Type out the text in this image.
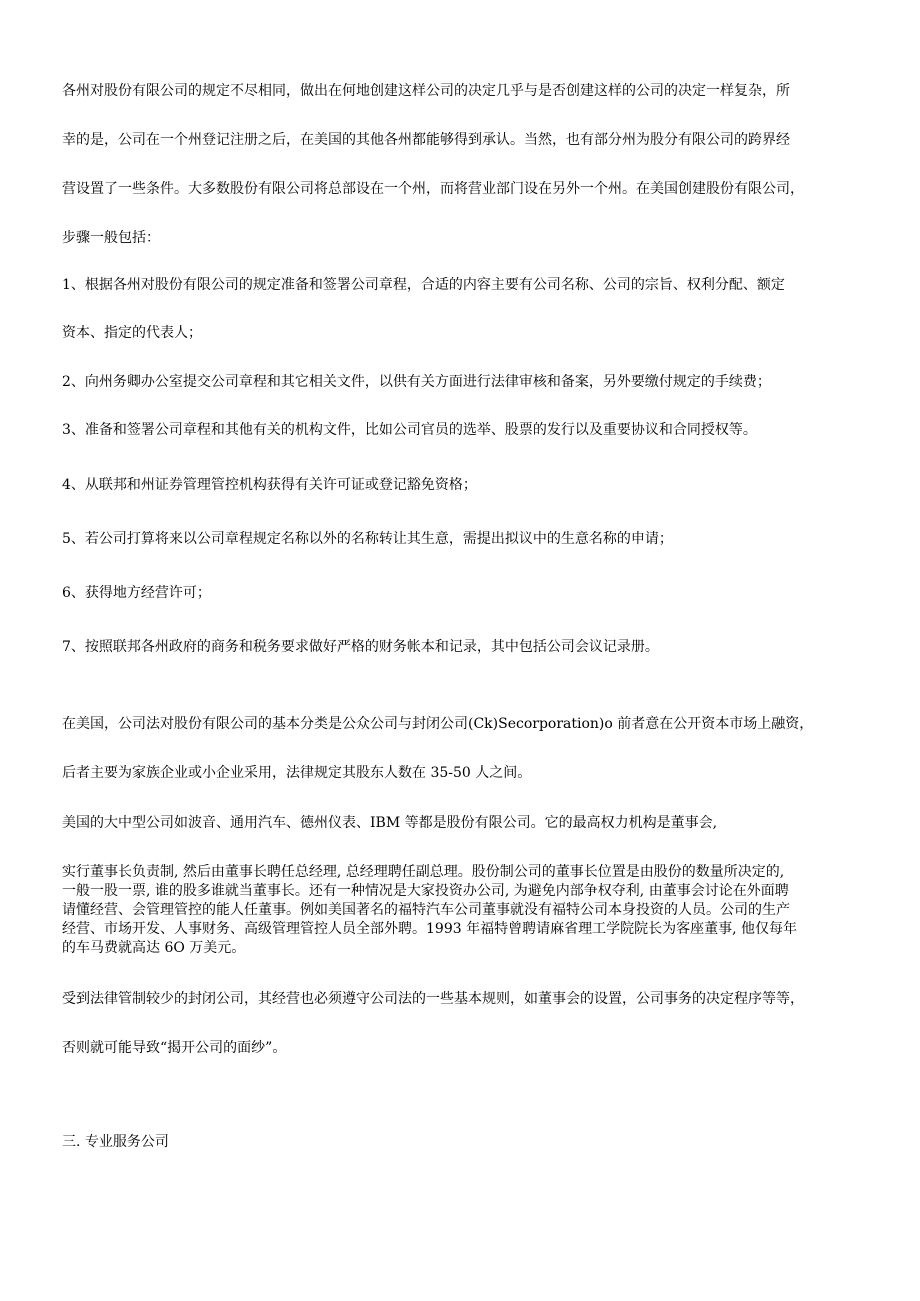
各州对股份有限公司的规定不尽相同，做出在何地创建这样公司的决定几乎与是否创建这样的公司的决定一样复杂，所
幸的是，公司在一个州登记注册之后，在美国的其他各州都能够得到承认。当然，也有部分州为股分有限公司的跨界经
营设置了一些条件。大多数股份有限公司将总部设在一个州，而将营业部门设在另外一个州。在美国创建股份有限公司，
步骤一般包括：
1、根据各州对股份有限公司的规定准备和签署公司章程，合适的内容主要有公司名称、公司的宗旨、权利分配、额定
资本、指定的代表人；
2、向州务卿办公室提交公司章程和其它相关文件，以供有关方面进行法律审核和备案，另外要缴付规定的手续费；
3、准备和签署公司章程和其他有关的机构文件，比如公司官员的选举、股票的发行以及重要协议和合同授权等。
4、从联邦和州证券管理管控机构获得有关许可证或登记豁免资格；
5、若公司打算将来以公司章程规定名称以外的名称转让其生意，需提出拟议中的生意名称的申请；
6、获得地方经营许可；
7、按照联邦各州政府的商务和税务要求做好严格的财务帐本和记录，其中包括公司会议记录册。
在美国，公司法对股份有限公司的基本分类是公众公司与封闭公司(Ck)Secorporation)o 前者意在公开资本市场上融资，
后者主要为家族企业或小企业采用，法律规定其股东人数在 35-50 人之间。
美国的大中型公司如波音、通用汽车、德州仪表、IBM 等都是股份有限公司。它的最高权力机构是董事会,

实行董事长负责制, 然后由董事长聘任总经理, 总经理聘任副总理。股份制公司的董事长位置是由股份的数量所决定的,

一般一股一票, 谁的股多谁就当董事长。还有一种情况是大家投资办公司, 为避免内部争权夺利, 由董事会讨论在外面聘

请懂经营、会管理管控的能人任董事。例如美国著名的福特汽车公司董事就没有福特公司本身投资的人员。公司的生产

经营、市场开发、人事财务、高级管理管控人员全部外聘。1993 年福特曾聘请麻省理工学院院长为客座董事, 他仅每年

的车马费就高达 6O 万美元。

受到法律管制较少的封闭公司，其经营也必须遵守公司法的一些基本规则，如董事会的设置，公司事务的决定程序等等，
否则就可能导致“揭开公司的面纱”。
三. 专业服务公司
